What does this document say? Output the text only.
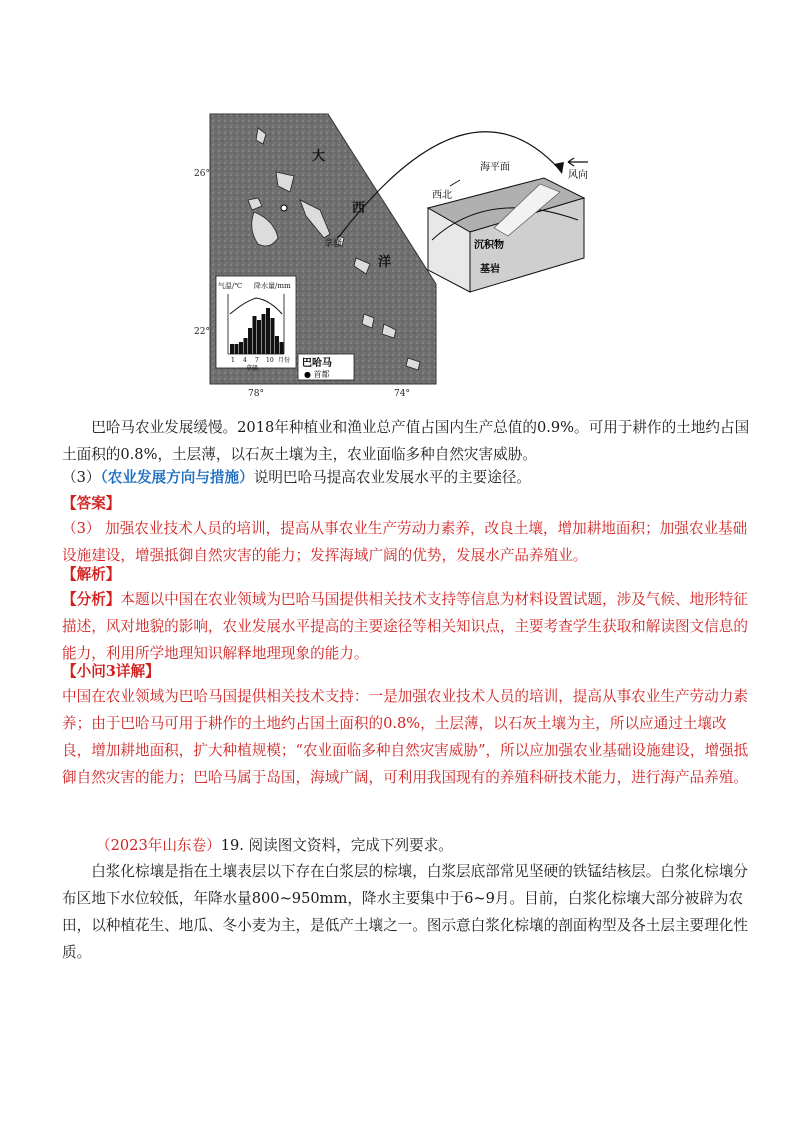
26°
22°
78°	74°
大
西
洋
拿骚
气温/℃ 降水量/mm
1 4 7 10 月份
拿骚	巴哈马
● 首都
海平面
西北
风向
沉积物
基岩

巴哈马农业发展缓慢。2018年种植业和渔业总产值占国内生产总值的0.9%。可用于耕作的土地约占国土面积的0.8%，土层薄，以石灰土壤为主，农业面临多种自然灾害威胁。

（3）（农业发展方向与措施）说明巴哈马提高农业发展水平的主要途径。

【答案】

（3） 加强农业技术人员的培训，提高从事农业生产劳动力素养，改良土壤，增加耕地面积；加强农业基础设施建设，增强抵御自然灾害的能力；发挥海域广阔的优势，发展水产品养殖业。

【解析】

【分析】本题以中国在农业领域为巴哈马国提供相关技术支持等信息为材料设置试题，涉及气候、地形特征描述，风对地貌的影响，农业发展水平提高的主要途径等相关知识点，主要考查学生获取和解读图文信息的能力，利用所学地理知识解释地理现象的能力。

【小问3详解】

中国在农业领域为巴哈马国提供相关技术支持：一是加强农业技术人员的培训，提高从事农业生产劳动力素养；由于巴哈马可用于耕作的土地约占国土面积的0.8%，土层薄，以石灰土壤为主，所以应通过土壤改良，增加耕地面积，扩大种植规模；“农业面临多种自然灾害威胁”，所以应加强农业基础设施建设，增强抵御自然灾害的能力；巴哈马属于岛国，海域广阔，可利用我国现有的养殖科研技术能力，进行海产品养殖。

（2023年山东卷）19. 阅读图文资料，完成下列要求。

白浆化棕壤是指在土壤表层以下存在白浆层的棕壤，白浆层底部常见坚硬的铁锰结核层。白浆化棕壤分布区地下水位较低，年降水量800~950mm，降水主要集中于6~9月。目前，白浆化棕壤大部分被辟为农田，以种植花生、地瓜、冬小麦为主，是低产土壤之一。图示意白浆化棕壤的剖面构型及各土层主要理化性质。
